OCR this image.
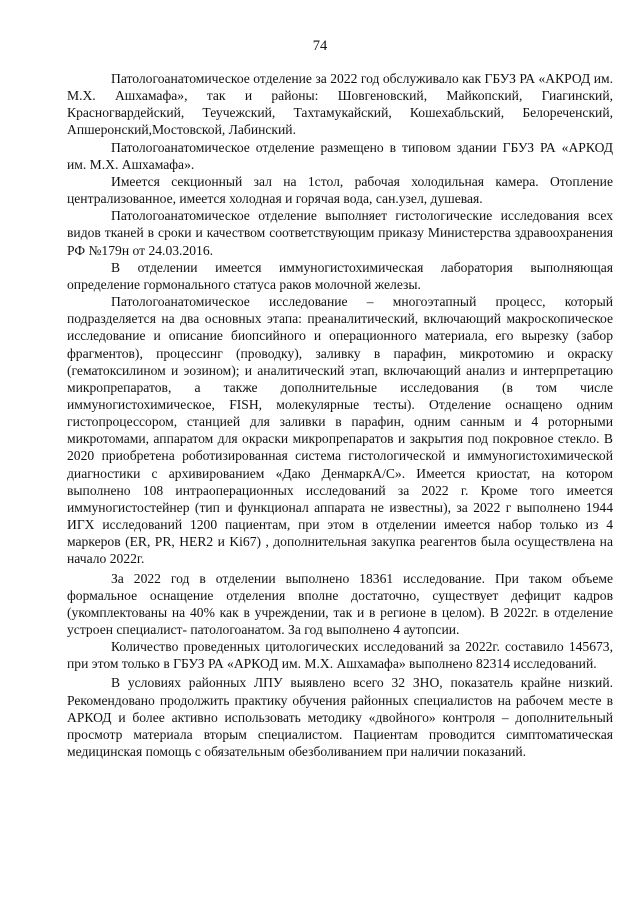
74

Патологоанатомическое отделение за 2022 год обслуживало как ГБУЗ РА «АКРОД им. М.Х. Ашхамафа», так и районы: Шовгеновский, Майкопский, Гиагинский, Красногвардейский, Теучежский, Тахтамукайский, Кошехабльский, Белореченский, Апшеронский,Мостовской, Лабинский.

Патологоанатомическое отделение размещено в типовом здании ГБУЗ РА «АРКОД им. М.Х. Ашхамафа».

Имеется секционный зал на 1стол, рабочая холодильная камера. Отопление централизованное, имеется холодная и горячая вода, сан.узел, душевая.

Патологоанатомическое отделение выполняет гистологические исследования всех видов тканей в сроки и качеством соответствующим приказу Министерства здравоохранения РФ №179н от 24.03.2016.

В отделении имеется иммуногистохимическая лаборатория выполняющая определение гормонального статуса раков молочной железы.

Патологоанатомическое исследование – многоэтапный процесс, который подразделяется на два основных этапа: преаналитический, включающий макроскопическое исследование и описание биопсийного и операционного материала, его вырезку (забор фрагментов), процессинг (проводку), заливку в парафин, микротомию и окраску (гематоксилином и эозином); и аналитический этап, включающий анализ и интерпретацию микропрепаратов, а также дополнительные исследования (в том числе иммуногистохимическое, FISH, молекулярные тесты). Отделение оснащено одним гистопроцессором, станцией для заливки в парафин, одним санным и 4 роторными микротомами, аппаратом для окраски микропрепаратов и закрытия под покровное стекло. В 2020 приобретена роботизированная система гистологической и иммуногистохимической диагностики с архивированием «Дако ДенмаркА/С». Имеется криостат, на котором выполнено 108 интраоперационных исследований за 2022 г. Кроме того имеется иммуногистостейнер (тип и функционал аппарата не известны), за 2022 г выполнено 1944 ИГХ исследований 1200 пациентам, при этом в отделении имеется набор только из 4 маркеров (ER, PR, HER2 и Ki67) , дополнительная закупка реагентов была осуществлена на начало 2022г.

За 2022 год в отделении выполнено 18361 исследование. При таком объеме формальное оснащение отделения вполне достаточно, существует дефицит кадров (укомплектованы на 40% как в учреждении, так и в регионе в целом). В 2022г. в отделение устроен специалист- патологоанатом. За год выполнено 4 аутопсии.

Количество проведенных цитологических исследований за 2022г. составило 145673, при этом только в ГБУЗ РА «АРКОД им. М.Х. Ашхамафа» выполнено 82314 исследований.

В условиях районных ЛПУ выявлено всего 32 ЗНО, показатель крайне низкий. Рекомендовано продолжить практику обучения районных специалистов на рабочем месте в АРКОД и более активно использовать методику «двойного» контроля – дополнительный просмотр материала вторым специалистом. Пациентам проводится симптоматическая медицинская помощь с обязательным обезболиванием при наличии показаний.
